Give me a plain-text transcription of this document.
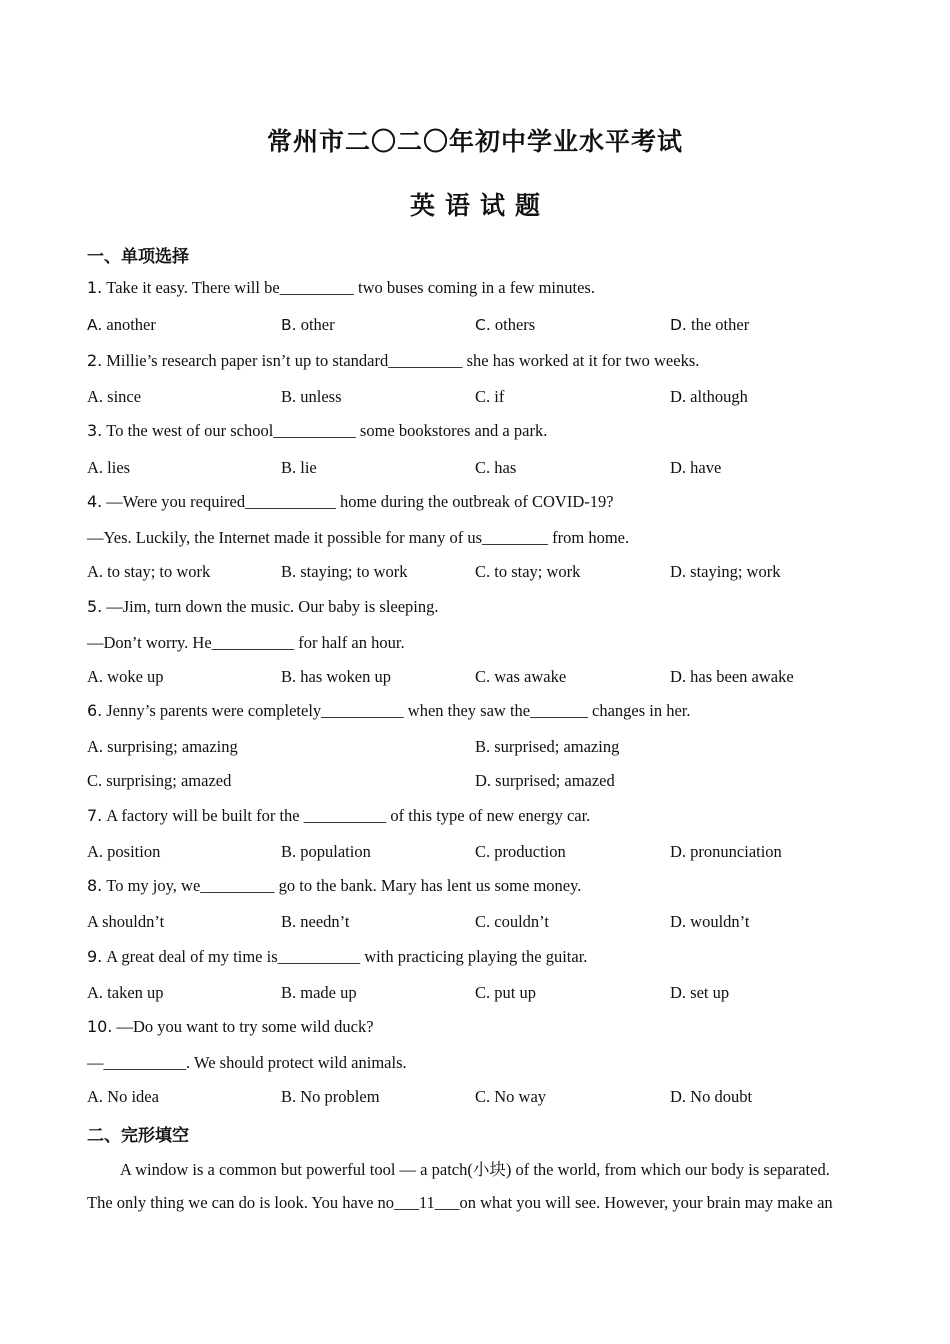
常州市二〇二〇年初中学业水平考试
英语试题
一、单项选择
1. Take it easy. There will be_________ two buses coming in a few minutes.
A. another	B. other	C. others	D. the other
2. Millie’s research paper isn’t up to standard_________ she has worked at it for two weeks.
A. since	B. unless	C. if	D. although
3. To the west of our school__________ some bookstores and a park.
A. lies	B. lie	C. has	D. have
4. —Were you required___________ home during the outbreak of COVID-19?
—Yes. Luckily, the Internet made it possible for many of us________ from home.
A. to stay; to work	B. staying; to work	C. to stay; work	D. staying; work
5. —Jim, turn down the music. Our baby is sleeping.
—Don’t worry. He__________ for half an hour.
A. woke up	B. has woken up	C. was awake	D. has been awake
6. Jenny’s parents were completely__________ when they saw the_______ changes in her.
A. surprising; amazing	B. surprised; amazing
C. surprising; amazed	D. surprised; amazed
7. A factory will be built for the __________ of this type of new energy car.
A. position	B. population	C. production	D. pronunciation
8. To my joy, we_________ go to the bank. Mary has lent us some money.
A shouldn’t	B. needn’t	C. couldn’t	D. wouldn’t
9. A great deal of my time is__________ with practicing playing the guitar.
A. taken up	B. made up	C. put up	D. set up
10. —Do you want to try some wild duck?
—__________. We should protect wild animals.
A. No idea	B. No problem	C. No way	D. No doubt
二、完形填空
A window is a common but powerful tool — a patch(小块) of the world, from which our body is separated.
The only thing we can do is look. You have no___11___on what you will see. However, your brain may make an
